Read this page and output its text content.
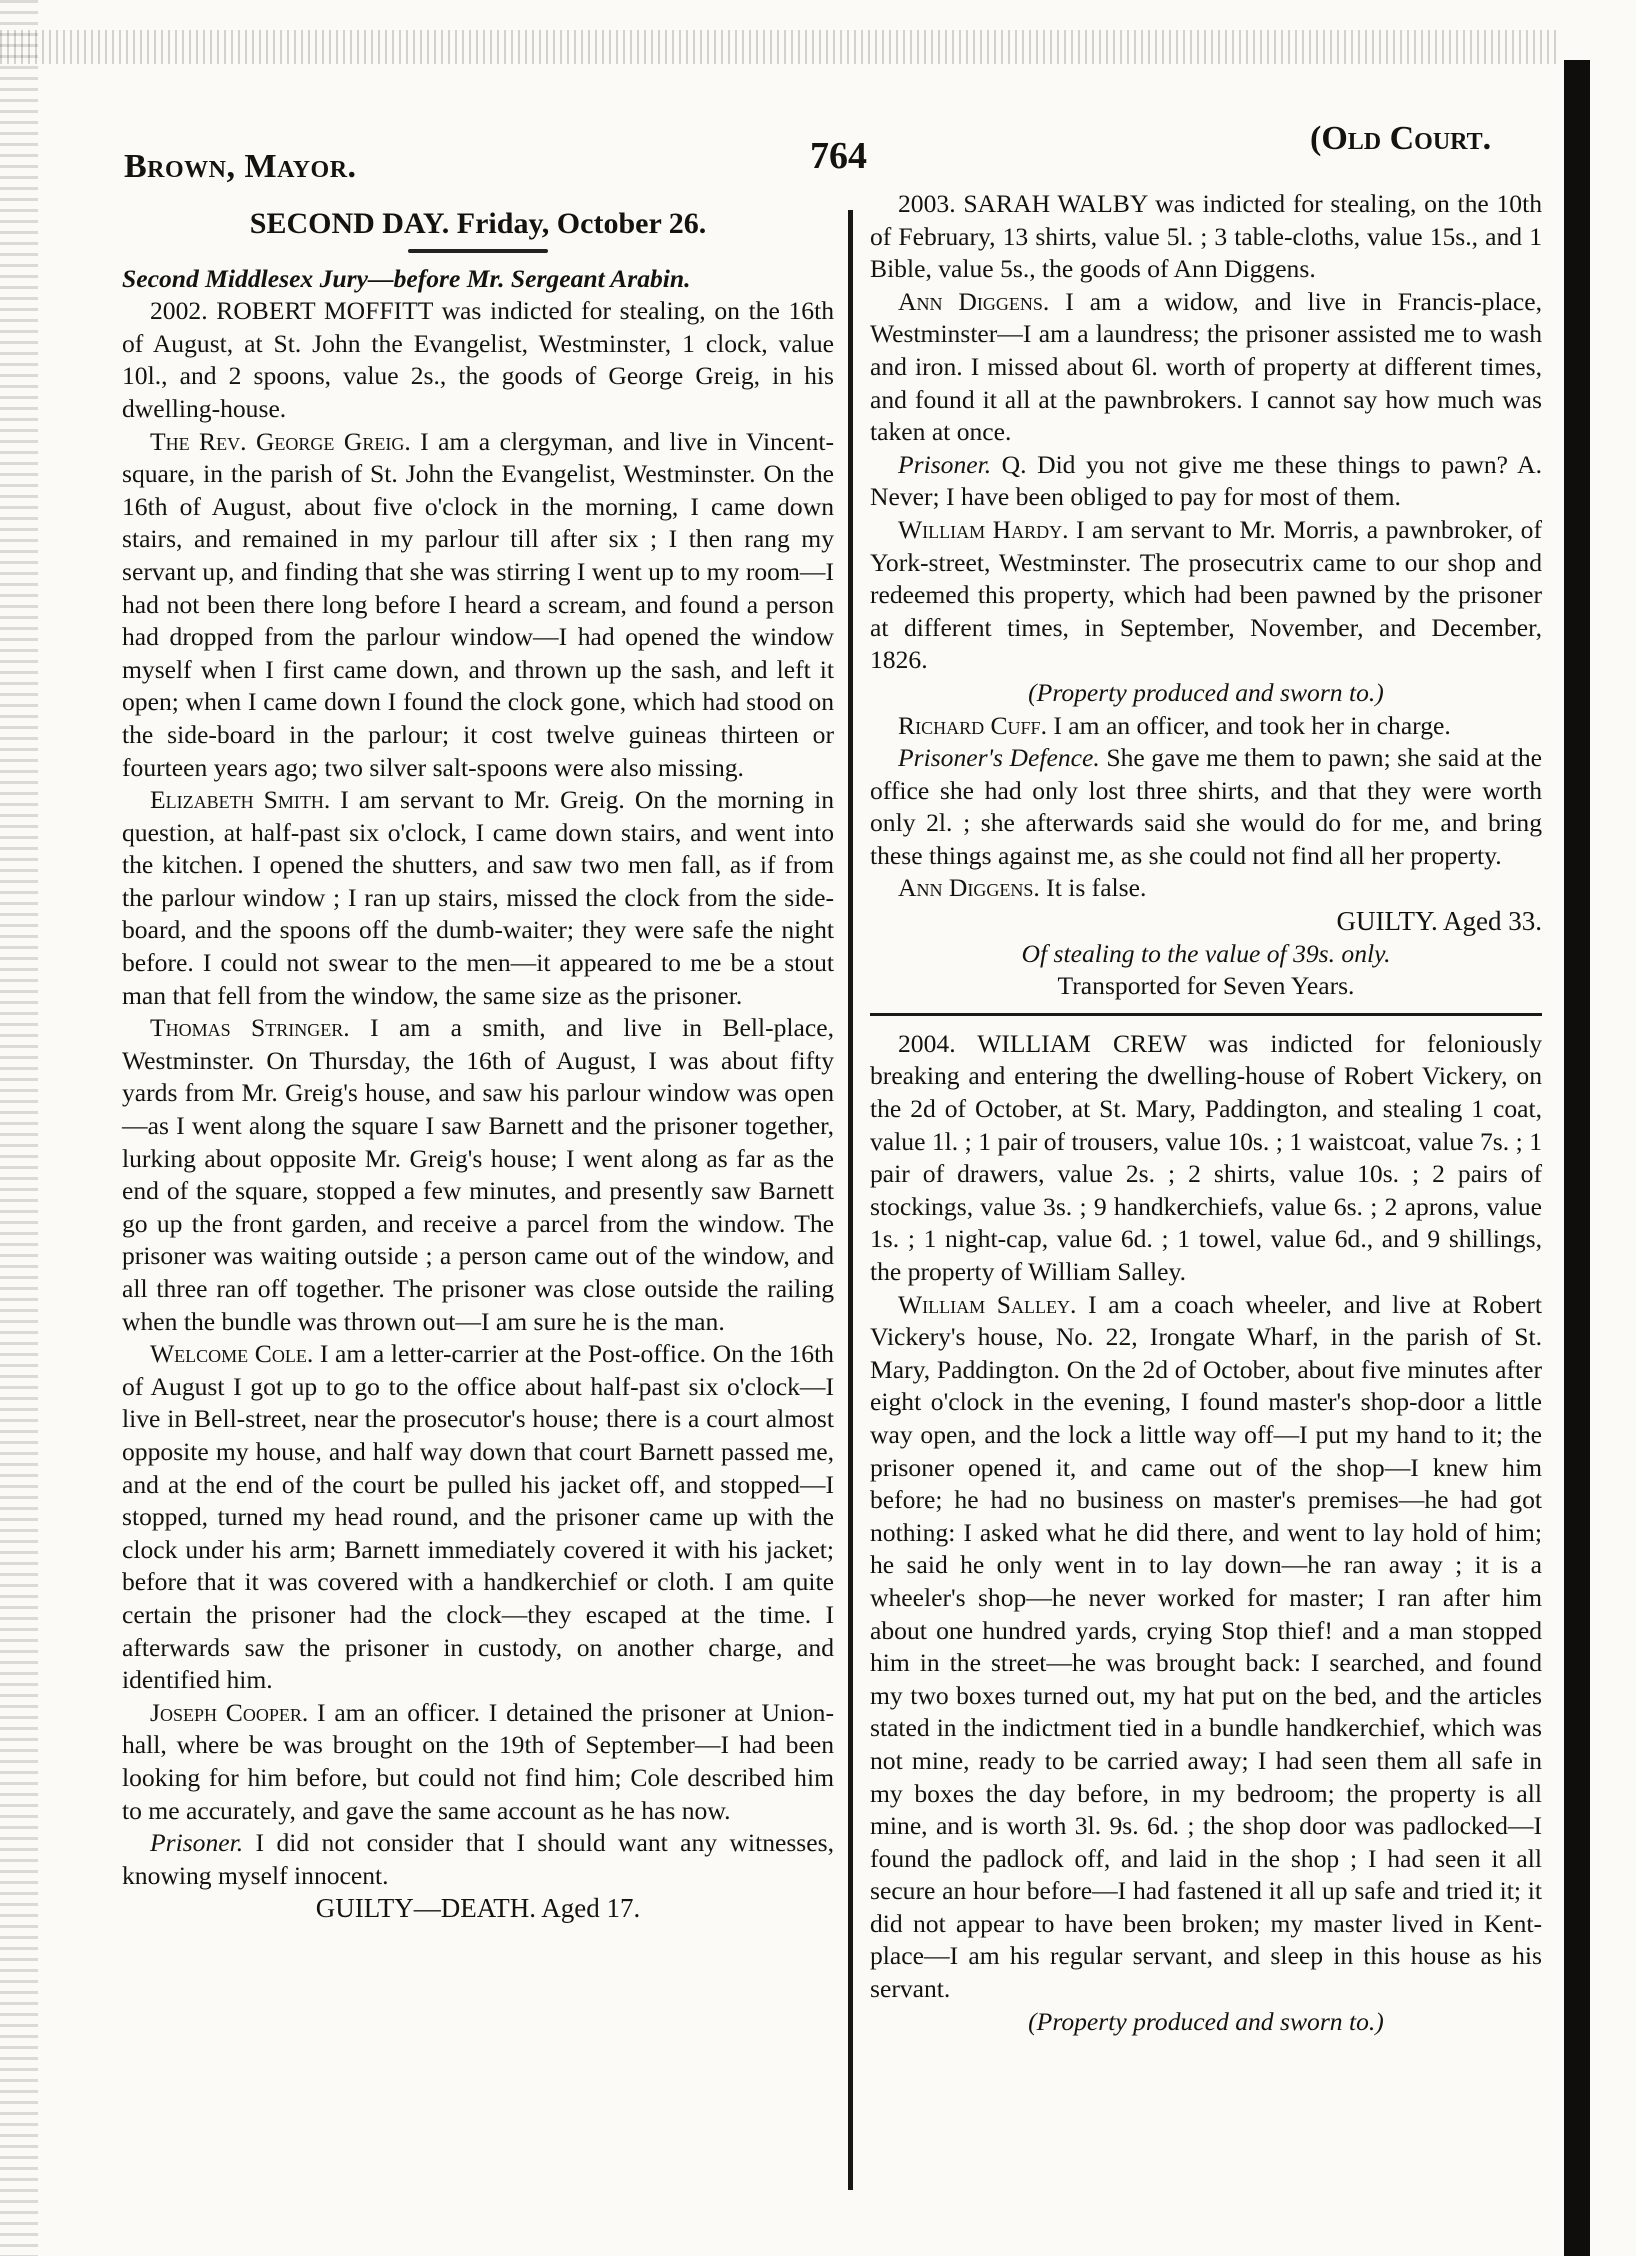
Brown, Mayor.	764	(Old Court.

SECOND DAY. Friday, October 26.

Second Middlesex Jury—before Mr. Sergeant Arabin.

2002. ROBERT MOFFITT was indicted for stealing, on the 16th of August, at St. John the Evangelist, Westminster, 1 clock, value 10l., and 2 spoons, value 2s., the goods of George Greig, in his dwelling-house.

The Rev. George Greig. I am a clergyman, and live in Vincent-square, in the parish of St. John the Evangelist, Westminster. On the 16th of August, about five o'clock in the morning, I came down stairs, and remained in my parlour till after six ; I then rang my servant up, and finding that she was stirring I went up to my room—I had not been there long before I heard a scream, and found a person had dropped from the parlour window—I had opened the window myself when I first came down, and thrown up the sash, and left it open; when I came down I found the clock gone, which had stood on the side-board in the parlour; it cost twelve guineas thirteen or fourteen years ago; two silver salt-spoons were also missing.

Elizabeth Smith. I am servant to Mr. Greig. On the morning in question, at half-past six o'clock, I came down stairs, and went into the kitchen. I opened the shutters, and saw two men fall, as if from the parlour window ; I ran up stairs, missed the clock from the side-board, and the spoons off the dumb-waiter; they were safe the night before. I could not swear to the men—it appeared to me be a stout man that fell from the window, the same size as the prisoner.

Thomas Stringer. I am a smith, and live in Bell-place, Westminster. On Thursday, the 16th of August, I was about fifty yards from Mr. Greig's house, and saw his parlour window was open—as I went along the square I saw Barnett and the prisoner together, lurking about opposite Mr. Greig's house; I went along as far as the end of the square, stopped a few minutes, and presently saw Barnett go up the front garden, and receive a parcel from the window. The prisoner was waiting outside ; a person came out of the window, and all three ran off together. The prisoner was close outside the railing when the bundle was thrown out—I am sure he is the man.

Welcome Cole. I am a letter-carrier at the Post-office. On the 16th of August I got up to go to the office about half-past six o'clock—I live in Bell-street, near the prosecutor's house; there is a court almost opposite my house, and half way down that court Barnett passed me, and at the end of the court be pulled his jacket off, and stopped—I stopped, turned my head round, and the prisoner came up with the clock under his arm; Barnett immediately covered it with his jacket; before that it was covered with a handkerchief or cloth. I am quite certain the prisoner had the clock—they escaped at the time. I afterwards saw the prisoner in custody, on another charge, and identified him.

Joseph Cooper. I am an officer. I detained the prisoner at Union-hall, where be was brought on the 19th of September—I had been looking for him before, but could not find him; Cole described him to me accurately, and gave the same account as he has now.

Prisoner. I did not consider that I should want any witnesses, knowing myself innocent.

GUILTY—DEATH. Aged 17.

2003. SARAH WALBY was indicted for stealing, on the 10th of February, 13 shirts, value 5l. ; 3 table-cloths, value 15s., and 1 Bible, value 5s., the goods of Ann Diggens.

Ann Diggens. I am a widow, and live in Francis-place, Westminster—I am a laundress; the prisoner assisted me to wash and iron. I missed about 6l. worth of property at different times, and found it all at the pawnbrokers. I cannot say how much was taken at once.

Prisoner. Q. Did you not give me these things to pawn? A. Never; I have been obliged to pay for most of them.

William Hardy. I am servant to Mr. Morris, a pawnbroker, of York-street, Westminster. The prosecutrix came to our shop and redeemed this property, which had been pawned by the prisoner at different times, in September, November, and December, 1826.

(Property produced and sworn to.)

Richard Cuff. I am an officer, and took her in charge.

Prisoner's Defence. She gave me them to pawn; she said at the office she had only lost three shirts, and that they were worth only 2l. ; she afterwards said she would do for me, and bring these things against me, as she could not find all her property.

Ann Diggens. It is false.

GUILTY. Aged 33.

Of stealing to the value of 39s. only.

Transported for Seven Years.

2004. WILLIAM CREW was indicted for feloniously breaking and entering the dwelling-house of Robert Vickery, on the 2d of October, at St. Mary, Paddington, and stealing 1 coat, value 1l. ; 1 pair of trousers, value 10s. ; 1 waistcoat, value 7s. ; 1 pair of drawers, value 2s. ; 2 shirts, value 10s. ; 2 pairs of stockings, value 3s. ; 9 handkerchiefs, value 6s. ; 2 aprons, value 1s. ; 1 night-cap, value 6d. ; 1 towel, value 6d., and 9 shillings, the property of William Salley.

William Salley. I am a coach wheeler, and live at Robert Vickery's house, No. 22, Irongate Wharf, in the parish of St. Mary, Paddington. On the 2d of October, about five minutes after eight o'clock in the evening, I found master's shop-door a little way open, and the lock a little way off—I put my hand to it; the prisoner opened it, and came out of the shop—I knew him before; he had no business on master's premises—he had got nothing: I asked what he did there, and went to lay hold of him; he said he only went in to lay down—he ran away ; it is a wheeler's shop—he never worked for master; I ran after him about one hundred yards, crying Stop thief! and a man stopped him in the street—he was brought back: I searched, and found my two boxes turned out, my hat put on the bed, and the articles stated in the indictment tied in a bundle handkerchief, which was not mine, ready to be carried away; I had seen them all safe in my boxes the day before, in my bedroom; the property is all mine, and is worth 3l. 9s. 6d. ; the shop door was padlocked—I found the padlock off, and laid in the shop ; I had seen it all secure an hour before—I had fastened it all up safe and tried it; it did not appear to have been broken; my master lived in Kent-place—I am his regular servant, and sleep in this house as his servant.

(Property produced and sworn to.)
